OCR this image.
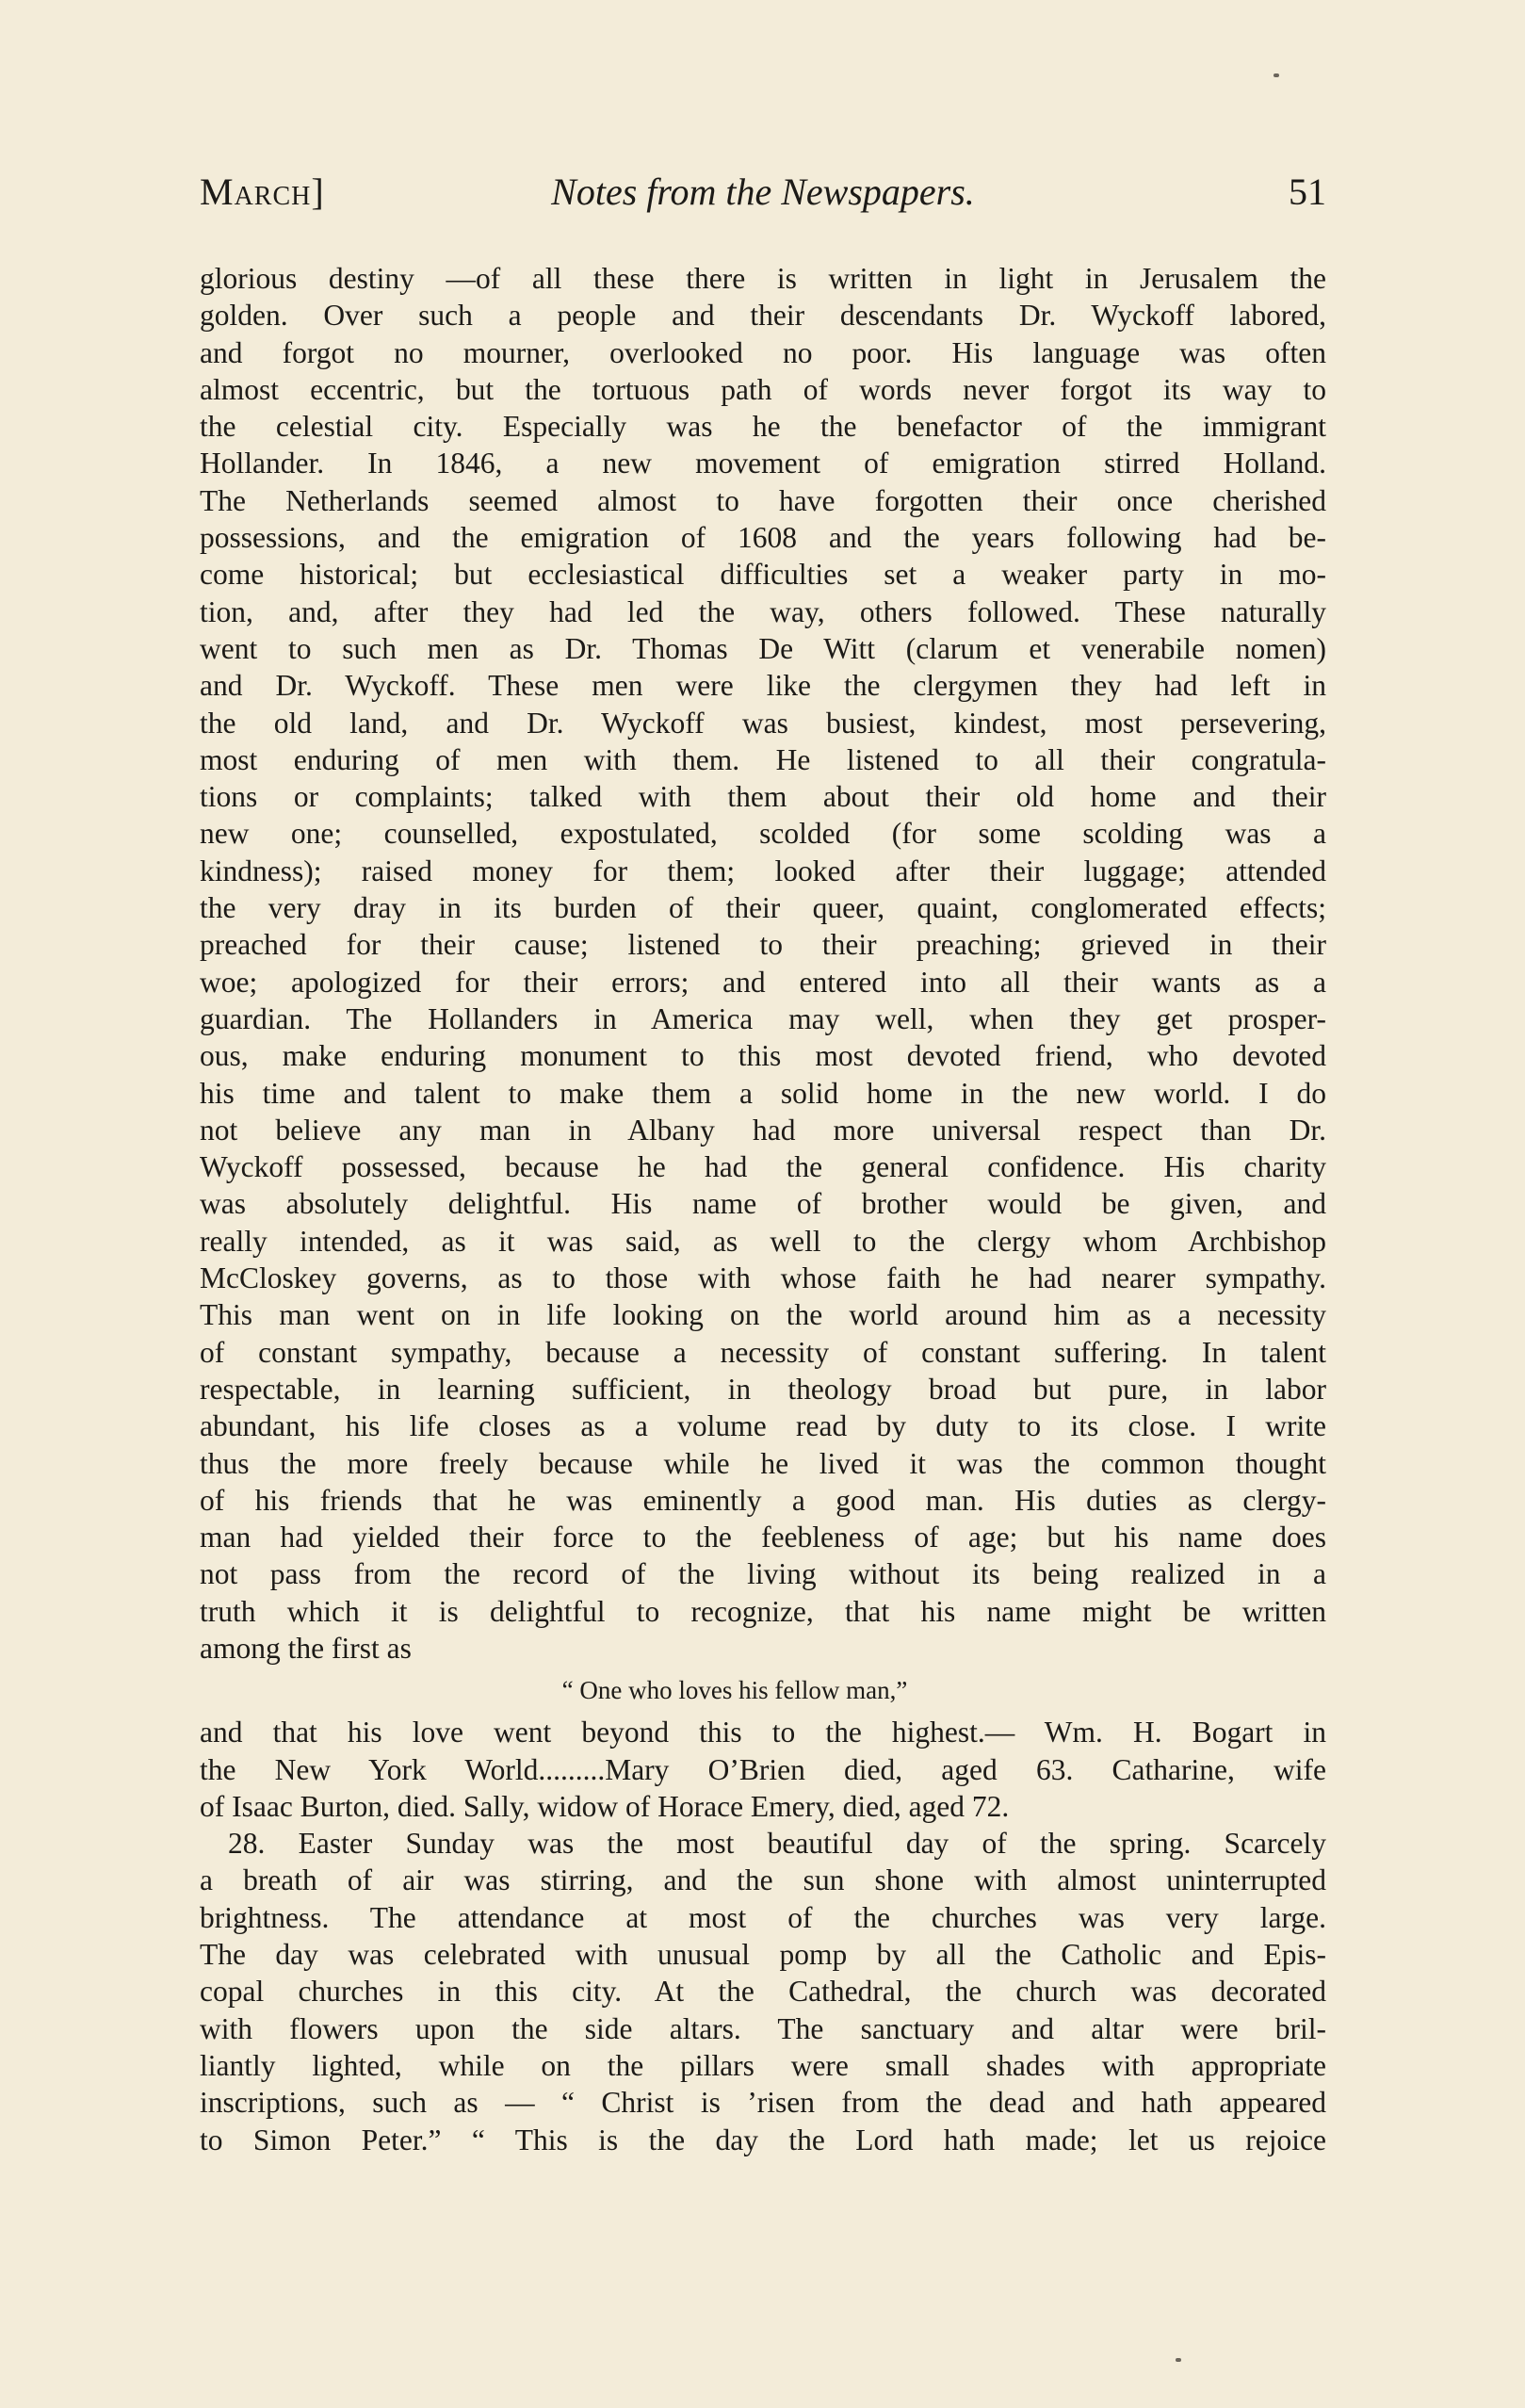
March]	Notes from the Newspapers.	51
glorious destiny —of all these there is written in light in Jerusalem the
golden. Over such a people and their descendants Dr. Wyckoff labored,
and forgot no mourner, overlooked no poor. His language was often
almost eccentric, but the tortuous path of words never forgot its way to
the celestial city. Especially was he the benefactor of the immigrant
Hollander. In 1846, a new movement of emigration stirred Holland.
The Netherlands seemed almost to have forgotten their once cherished
possessions, and the emigration of 1608 and the years following had be-
come historical; but ecclesiastical difficulties set a weaker party in mo-
tion, and, after they had led the way, others followed. These naturally
went to such men as Dr. Thomas De Witt (clarum et venerabile nomen)
and Dr. Wyckoff. These men were like the clergymen they had left in
the old land, and Dr. Wyckoff was busiest, kindest, most persevering,
most enduring of men with them. He listened to all their congratula-
tions or complaints; talked with them about their old home and their
new one; counselled, expostulated, scolded (for some scolding was a
kindness); raised money for them; looked after their luggage; attended
the very dray in its burden of their queer, quaint, conglomerated effects;
preached for their cause; listened to their preaching; grieved in their
woe; apologized for their errors; and entered into all their wants as a
guardian. The Hollanders in America may well, when they get prosper-
ous, make enduring monument to this most devoted friend, who devoted
his time and talent to make them a solid home in the new world. I do
not believe any man in Albany had more universal respect than Dr.
Wyckoff possessed, because he had the general confidence. His charity
was absolutely delightful. His name of brother would be given, and
really intended, as it was said, as well to the clergy whom Archbishop
McCloskey governs, as to those with whose faith he had nearer sympathy.
This man went on in life looking on the world around him as a necessity
of constant sympathy, because a necessity of constant suffering. In talent
respectable, in learning sufficient, in theology broad but pure, in labor
abundant, his life closes as a volume read by duty to its close. I write
thus the more freely because while he lived it was the common thought
of his friends that he was eminently a good man. His duties as clergy-
man had yielded their force to the feebleness of age; but his name does
not pass from the record of the living without its being realized in a
truth which it is delightful to recognize, that his name might be written
among the first as
“ One who loves his fellow man,”
and that his love went beyond this to the highest.— Wm. H. Bogart in
the New York World.........Mary O’Brien died, aged 63. Catharine, wife
of Isaac Burton, died. Sally, widow of Horace Emery, died, aged 72.
28. Easter Sunday was the most beautiful day of the spring. Scarcely
a breath of air was stirring, and the sun shone with almost uninterrupted
brightness. The attendance at most of the churches was very large.
The day was celebrated with unusual pomp by all the Catholic and Epis-
copal churches in this city. At the Cathedral, the church was decorated
with flowers upon the side altars. The sanctuary and altar were bril-
liantly lighted, while on the pillars were small shades with appropriate
inscriptions, such as — “ Christ is ’risen from the dead and hath appeared
to Simon Peter.” “ This is the day the Lord hath made; let us rejoice
